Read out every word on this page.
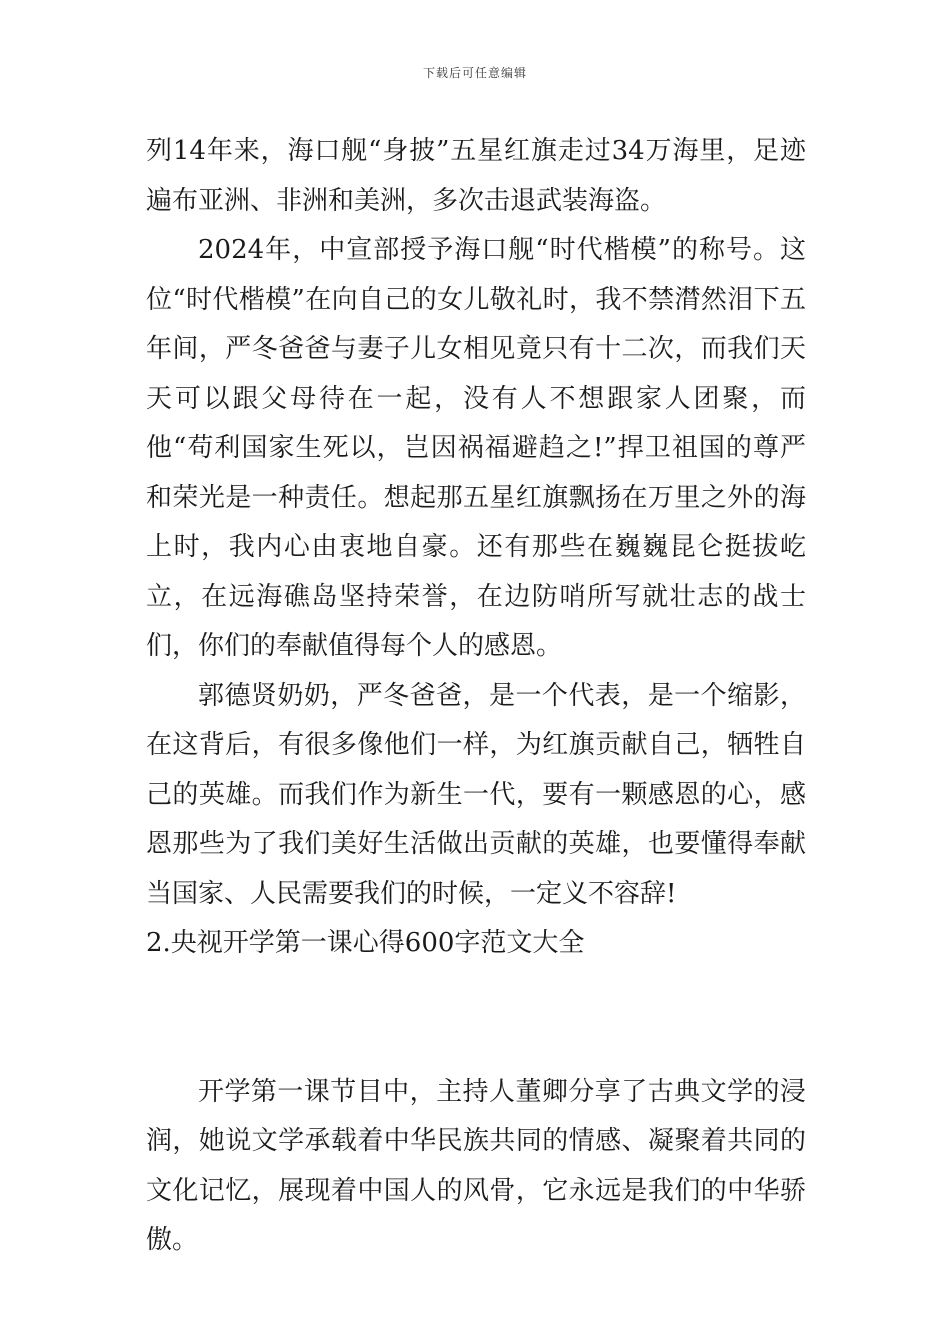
下载后可任意编辑

列14年来，海口舰“身披”五星红旗走过34万海里，足迹遍布亚洲、非洲和美洲，多次击退武装海盗。

2024年，中宣部授予海口舰“时代楷模”的称号。这位“时代楷模”在向自己的女儿敬礼时，我不禁潸然泪下五年间，严冬爸爸与妻子儿女相见竟只有十二次，而我们天天可以跟父母待在一起，没有人不想跟家人团聚，而他“苟利国家生死以，岂因祸福避趋之!”捍卫祖国的尊严和荣光是一种责任。想起那五星红旗飘扬在万里之外的海上时，我内心由衷地自豪。还有那些在巍巍昆仑挺拔屹立，在远海礁岛坚持荣誉，在边防哨所写就壮志的战士们，你们的奉献值得每个人的感恩。

郭德贤奶奶，严冬爸爸，是一个代表，是一个缩影，在这背后，有很多像他们一样，为红旗贡献自己，牺牲自己的英雄。而我们作为新生一代，要有一颗感恩的心，感恩那些为了我们美好生活做出贡献的英雄，也要懂得奉献当国家、人民需要我们的时候，一定义不容辞!

2.央视开学第一课心得600字范文大全

开学第一课节目中，主持人董卿分享了古典文学的浸润，她说文学承载着中华民族共同的情感、凝聚着共同的文化记忆，展现着中国人的风骨，它永远是我们的中华骄傲。
